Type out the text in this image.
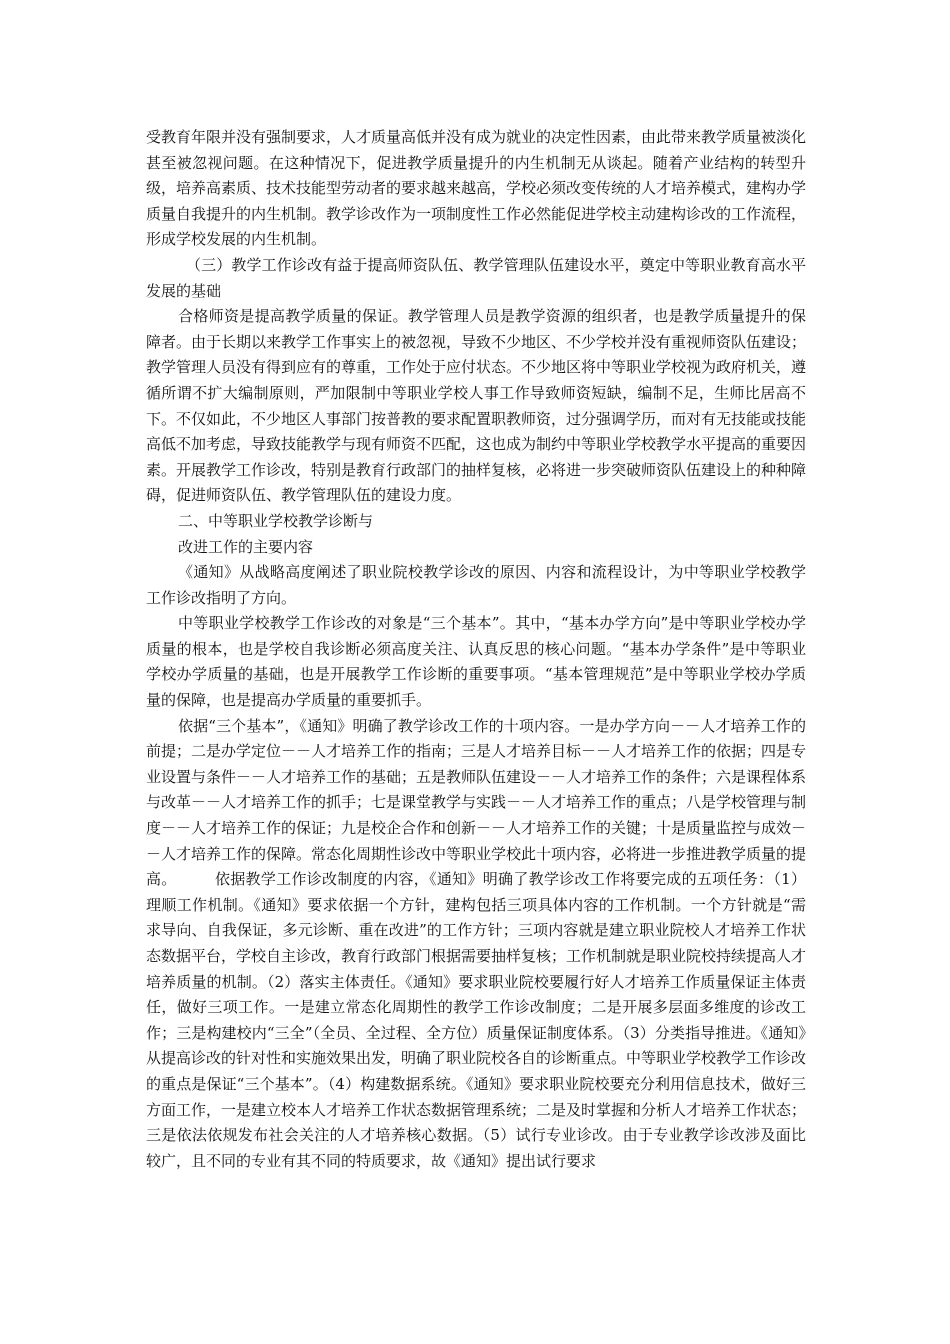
受教育年限并没有强制要求，人才质量高低并没有成为就业的决定性因素，由此带来教学质量被淡化甚至被忽视问题。在这种情况下，促进教学质量提升的内生机制无从谈起。随着产业结构的转型升级，培养高素质、技术技能型劳动者的要求越来越高，学校必须改变传统的人才培养模式，建构办学质量自我提升的内生机制。教学诊改作为一项制度性工作必然能促进学校主动建构诊改的工作流程，形成学校发展的内生机制。

（三）教学工作诊改有益于提高师资队伍、教学管理队伍建设水平，奠定中等职业教育高水平发展的基础

合格师资是提高教学质量的保证。教学管理人员是教学资源的组织者，也是教学质量提升的保障者。由于长期以来教学工作事实上的被忽视，导致不少地区、不少学校并没有重视师资队伍建设；教学管理人员没有得到应有的尊重，工作处于应付状态。不少地区将中等职业学校视为政府机关，遵循所谓不扩大编制原则，严加限制中等职业学校人事工作导致师资短缺，编制不足，生师比居高不下。不仅如此，不少地区人事部门按普教的要求配置职教师资，过分强调学历，而对有无技能或技能高低不加考虑，导致技能教学与现有师资不匹配，这也成为制约中等职业学校教学水平提高的重要因素。开展教学工作诊改，特别是教育行政部门的抽样复核，必将进一步突破师资队伍建设上的种种障碍，促进师资队伍、教学管理队伍的建设力度。

二、中等职业学校教学诊断与

改进工作的主要内容

《通知》从战略高度阐述了职业院校教学诊改的原因、内容和流程设计，为中等职业学校教学工作诊改指明了方向。

中等职业学校教学工作诊改的对象是“三个基本”。其中，“基本办学方向”是中等职业学校办学质量的根本，也是学校自我诊断必须高度关注、认真反思的核心问题。“基本办学条件”是中等职业学校办学质量的基础，也是开展教学工作诊断的重要事项。“基本管理规范”是中等职业学校办学质量的保障，也是提高办学质量的重要抓手。

依据“三个基本”，《通知》明确了教学诊改工作的十项内容。一是办学方向－－人才培养工作的前提；二是办学定位－－人才培养工作的指南；三是人才培养目标－－人才培养工作的依据；四是专业设置与条件－－人才培养工作的基础；五是教师队伍建设－－人才培养工作的条件；六是课程体系与改革－－人才培养工作的抓手；七是课堂教学与实践－－人才培养工作的重点；八是学校管理与制度－－人才培养工作的保证；九是校企合作和创新－－人才培养工作的关键；十是质量监控与成效－－人才培养工作的保障。常态化周期性诊改中等职业学校此十项内容，必将进一步推进教学质量的提高。　　　依据教学工作诊改制度的内容，《通知》明确了教学诊改工作将要完成的五项任务：（1）理顺工作机制。《通知》要求依据一个方针，建构包括三项具体内容的工作机制。一个方针就是“需求导向、自我保证，多元诊断、重在改进”的工作方针；三项内容就是建立职业院校人才培养工作状态数据平台，学校自主诊改，教育行政部门根据需要抽样复核；工作机制就是职业院校持续提高人才培养质量的机制。（2）落实主体责任。《通知》要求职业院校要履行好人才培养工作质量保证主体责任，做好三项工作。一是建立常态化周期性的教学工作诊改制度；二是开展多层面多维度的诊改工作；三是构建校内“三全”（全员、全过程、全方位）质量保证制度体系。（3）分类指导推进。《通知》从提高诊改的针对性和实施效果出发，明确了职业院校各自的诊断重点。中等职业学校教学工作诊改的重点是保证“三个基本”。（4）构建数据系统。《通知》要求职业院校要充分利用信息技术，做好三方面工作，一是建立校本人才培养工作状态数据管理系统；二是及时掌握和分析人才培养工作状态；三是依法依规发布社会关注的人才培养核心数据。（5）试行专业诊改。由于专业教学诊改涉及面比较广，且不同的专业有其不同的特质要求，故《通知》提出试行要求
